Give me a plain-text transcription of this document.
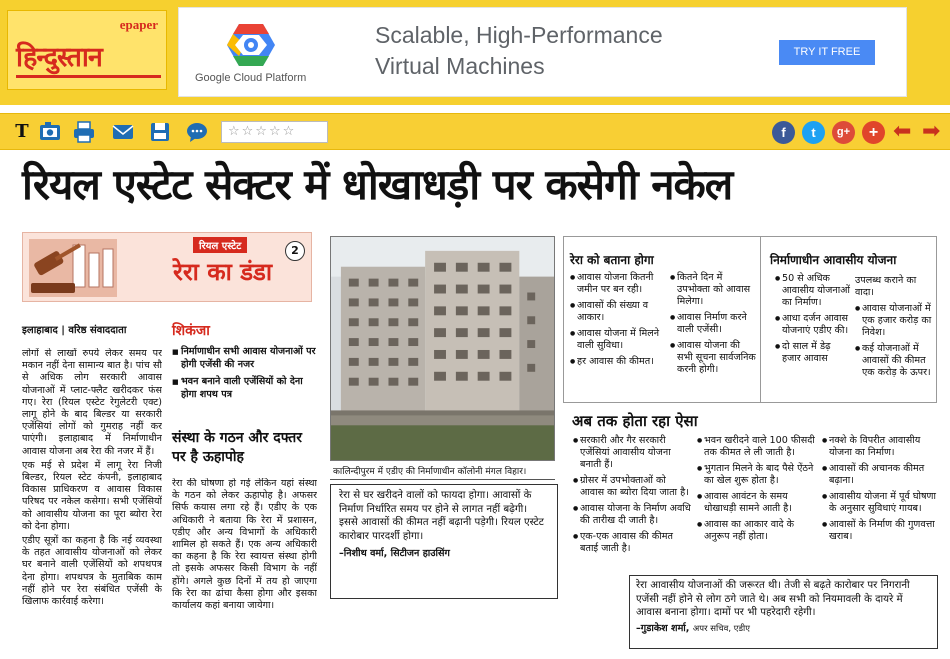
epaper
हिन्दुस्तान
Google Cloud Platform
Scalable, High-Performance
Virtual Machines
TRY IT FREE
T	☆☆☆☆☆	f	t	g+	+ ⬅ ➡
रियल एस्टेट सेक्टर में धोखाधड़ी पर कसेगी नकेल
रियल एस्टेट
रेरा का डंडा
2
इलाहाबाद | वरिष्ठ संवाददाता

लोगों से लाखों रुपये लेकर समय पर मकान नहीं देना सामान्य बात है। पांच सौ से अधिक लोग सरकारी आवास योजनाओं में प्लाट-फ्लैट खरीदकर फंस गए। रेरा (रियल एस्टेट रेगुलेटरी एक्ट) लागू होने के बाद बिल्डर या सरकारी एजेंसियां लोगों को गुमराह नहीं कर पाएंगी। इलाहाबाद में निर्माणाधीन आवास योजना अब रेरा की नजर में हैं।

एक मई से प्रदेश में लागू रेरा निजी बिल्डर, रियल स्टेट कंपनी, इलाहाबाद विकास प्राधिकरण व आवास विकास परिषद पर नकेल कसेगा। सभी एजेंसियों को आवासीय योजना का पूरा ब्योरा रेरा को देना होगा।

एडीए सूत्रों का कहना है कि नई व्यवस्था के तहत आवासीय योजनाओं को लेकर घर बनाने वाली एजेंसियों को शपथपत्र देना होगा। शपथपत्र के मुताबिक काम नहीं होने पर रेरा संबंधित एजेंसी के खिलाफ कार्रवाई करेगा।

शिकंजा
■ निर्माणाधीन सभी आवास योजनाओं पर होगी एजेंसी की नजर
■ भवन बनाने वाली एजेंसियों को देना होगा शपथ पत्र
संस्था के गठन और दफ्तर पर है ऊहापोह

रेरा की घोषणा हो गई लेकिन यहां संस्था के गठन को लेकर ऊहापोह है। अफसर सिर्फ कयास लगा रहे हैं। एडीए के एक अधिकारी ने बताया कि रेरा में प्रशासन, एडीए और अन्य विभागों के अधिकारी शामिल हो सकते हैं। एक अन्य अधिकारी का कहना है कि रेरा स्वायत्त संस्था होगी तो इसके अफसर किसी विभाग के नहीं होंगे। अगले कुछ दिनों में तय हो जाएगा कि रेरा का ढांचा कैसा होगा और इसका कार्यालय कहां बनाया जायेगा।

कालिन्दीपुरम में एडीए की निर्माणाधीन कॉलोनी मंगल विहार।
रेरा से घर खरीदने वालों को फायदा होगा। आवासों के निर्माण निर्धारित समय पर होने से लागत नहीं बढ़ेगी। इससे आवासों की कीमत नहीं बढ़ानी पड़ेगी। रियल एस्टेट कारोबार पारदर्शी होगा।
–निशीथ वर्मा, सिटीजन हाउसिंग
रेरा को बताना होगा
● आवास योजना कितनी जमीन पर बन रही।
● आवासों की संख्या व आकार।
● आवास योजना में मिलने वाली सुविधा।
● हर आवास की कीमत।
● कितने दिन में उपभोक्ता को आवास मिलेगा।
● आवास निर्माण करने वाली एजेंसी।
● आवास योजना की सभी सूचना सार्वजनिक करनी होगी।
निर्माणाधीन आवासीय योजना
● 50 से अधिक आवासीय योजनाओं का निर्माण।
● आधा दर्जन आवास योजनाएं एडीए की।
● दो साल में डेढ़ हजार आवास
उपलब्ध कराने का वादा।
● आवास योजनाओं में एक हजार करोड़ का निवेश।
● कई योजनाओं में आवासों की कीमत एक करोड़ के ऊपर।
अब तक होता रहा ऐसा
● सरकारी और गैर सरकारी एजेंसियां आवासीय योजना बनाती हैं।
● ग्रोसर में उपभोक्ताओं को आवास का ब्योरा दिया जाता है।
● आवास योजना के निर्माण अवधि की तारीख दी जाती है।
● एक-एक आवास की कीमत बताई जाती है।
● भवन खरीदने वाले 100 फीसदी तक कीमत ले ली जाती है।
● भुगतान मिलने के बाद पैसे ऐंठने का खेल शुरू होता है।
● आवास आवंटन के समय धोखाधड़ी सामने आती है।
● आवास का आकार वादे के अनुरूप नहीं होता।
● नक्शे के विपरीत आवासीय योजना का निर्माण।
● आवासों की अचानक कीमत बढ़ाना।
● आवासीय योजना में पूर्व घोषणा के अनुसार सुविधाएं गायब।
● आवासों के निर्माण की गुणवत्ता खराब।
रेरा आवासीय योजनाओं की जरूरत थी। तेजी से बढ़ते कारोबार पर निगरानी एजेंसी नहीं होने से लोग ठगे जाते थे। अब सभी को नियमावली के दायरे में आवास बनाना होगा। दामों पर भी पहरेदारी रहेगी।
–गुडाकेश शर्मा, अपर सचिव, एडीए
